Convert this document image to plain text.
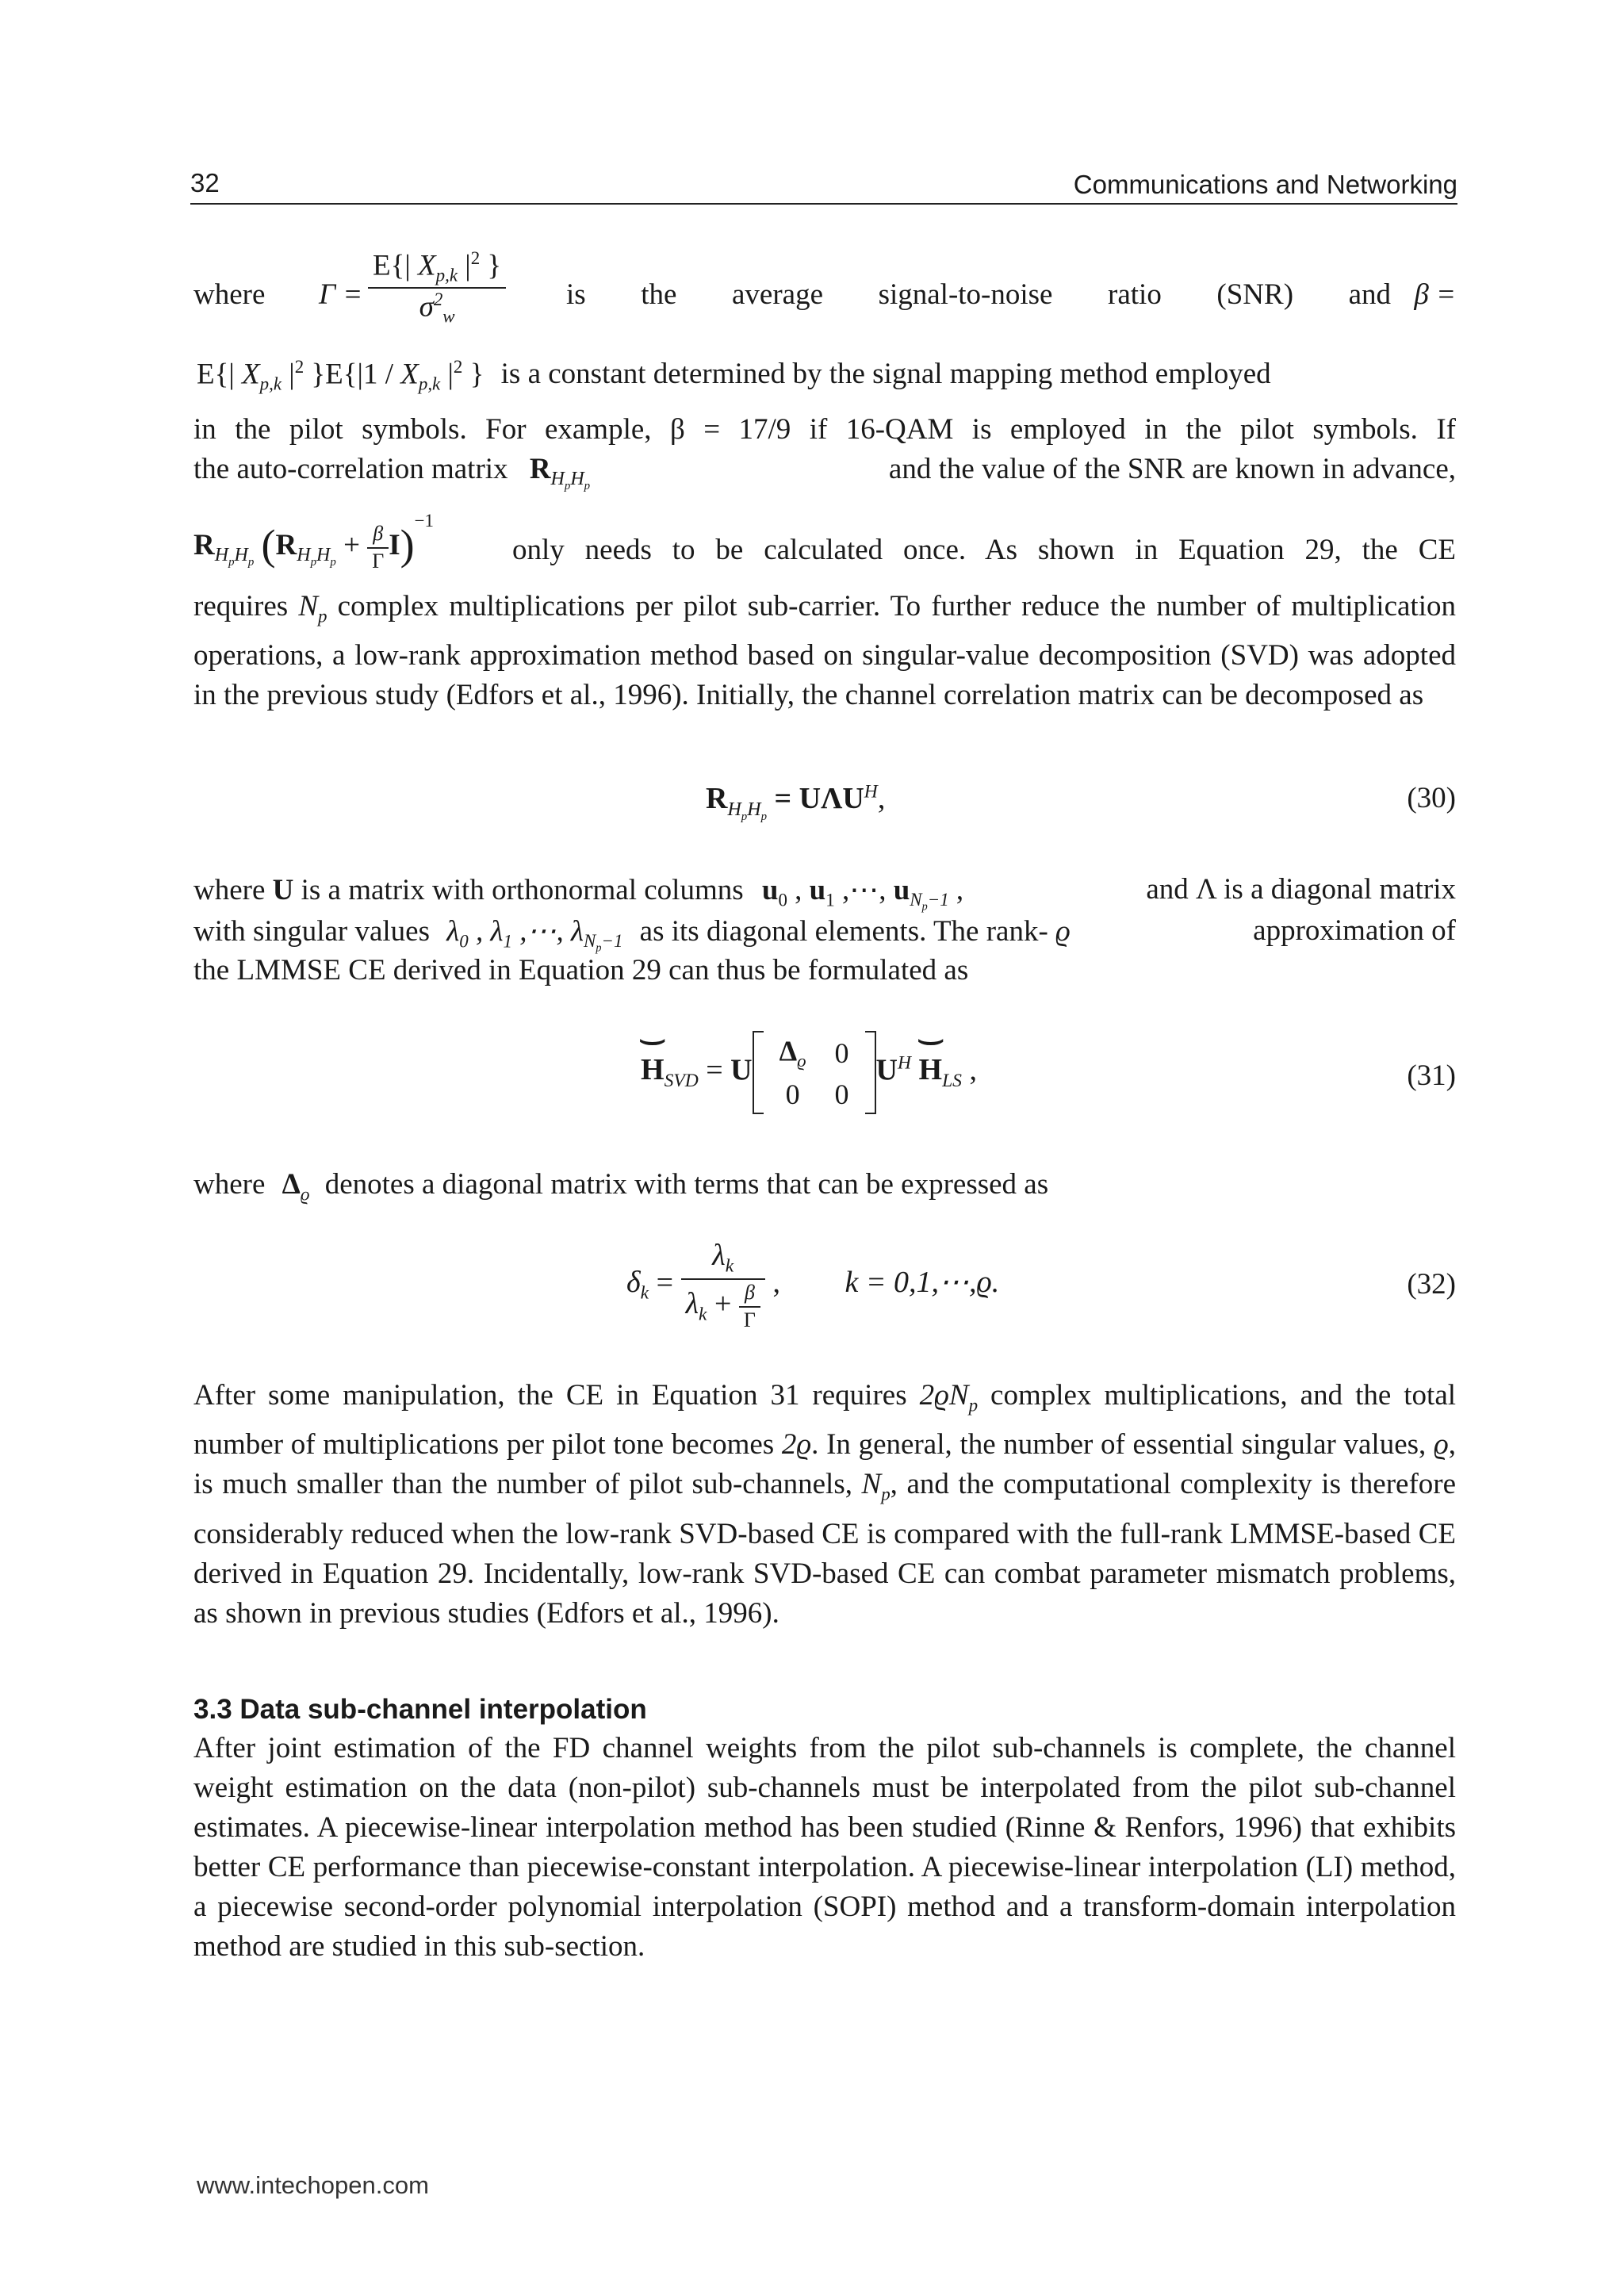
32	Communications and Networking
where $\Gamma = \frac{E\{| X_{p,k} |^2 \}}{\sigma^2_w}$ is the average signal-to-noise ratio (SNR) and β =
E{| $X_{p,k}$ $|^2$ }$E\{|1 / X_{p,k}$ $|^2$ } is a constant determined by the signal mapping method employed
in the pilot symbols. For example, β = 17/9 if 16-QAM is employed in the pilot symbols. If
the auto-correlation matrix $R_{H_pH_p}$
and the value of the SNR are known in advance,
$R_{H_pH_p}$ $(R_{H_pH_p} + \frac{\beta}{\Gamma} I)^{-1}$
only needs to be calculated once. As shown in Equation 29, the CE

requires $N_p$ complex multiplications per pilot sub-carrier. To further reduce the number of multiplication operations, a low-rank approximation method based on singular-value decomposition (SVD) was adopted in the previous study (Edfors et al., 1996). Initially, the channel correlation matrix can be decomposed as

$R_{H_pH_p} = U\Lambda U^H$,	(30)
where U is a matrix with orthonormal columns $u_0$ , $u_1$ ,⋯, $u_{N_p-1}$ ,	and Λ is a diagonal matrix
with singular values $\lambda_0$ , $\lambda_1$ ,⋯, $\lambda_{N_p-1}$ as its diagonal elements. The rank- ϱ	approximation of
the LMMSE CE derived in Equation 29 can thus be formulated as
⌢ $H_{SVD} = U$
$\Delta_ϱ$	0
0	0
$U^H$ ⌢ $H_{LS}$ ,	(31)
where $\Delta_ϱ$ denotes a diagonal matrix with terms that can be expressed as
$\delta_k = \frac{\lambda_k}{\lambda_k + \frac{\beta}{\Gamma}}$ , k = 0,1,⋯,ϱ.	(32)

After some manipulation, the CE in Equation 31 requires $2ϱN_p$ complex multiplications, and the total number of multiplications per pilot tone becomes 2ϱ. In general, the number of essential singular values, ϱ, is much smaller than the number of pilot sub-channels, $N_p$, and the computational complexity is therefore considerably reduced when the low-rank SVD-based CE is compared with the full-rank LMMSE-based CE derived in Equation 29. Incidentally, low-rank SVD-based CE can combat parameter mismatch problems, as shown in previous studies (Edfors et al., 1996).

3.3 Data sub-channel interpolation

After joint estimation of the FD channel weights from the pilot sub-channels is complete, the channel weight estimation on the data (non-pilot) sub-channels must be interpolated from the pilot sub-channel estimates. A piecewise-linear interpolation method has been studied (Rinne & Renfors, 1996) that exhibits better CE performance than piecewise-constant interpolation. A piecewise-linear interpolation (LI) method, a piecewise second-order polynomial interpolation (SOPI) method and a transform-domain interpolation method are studied in this sub-section.

www.intechopen.com
